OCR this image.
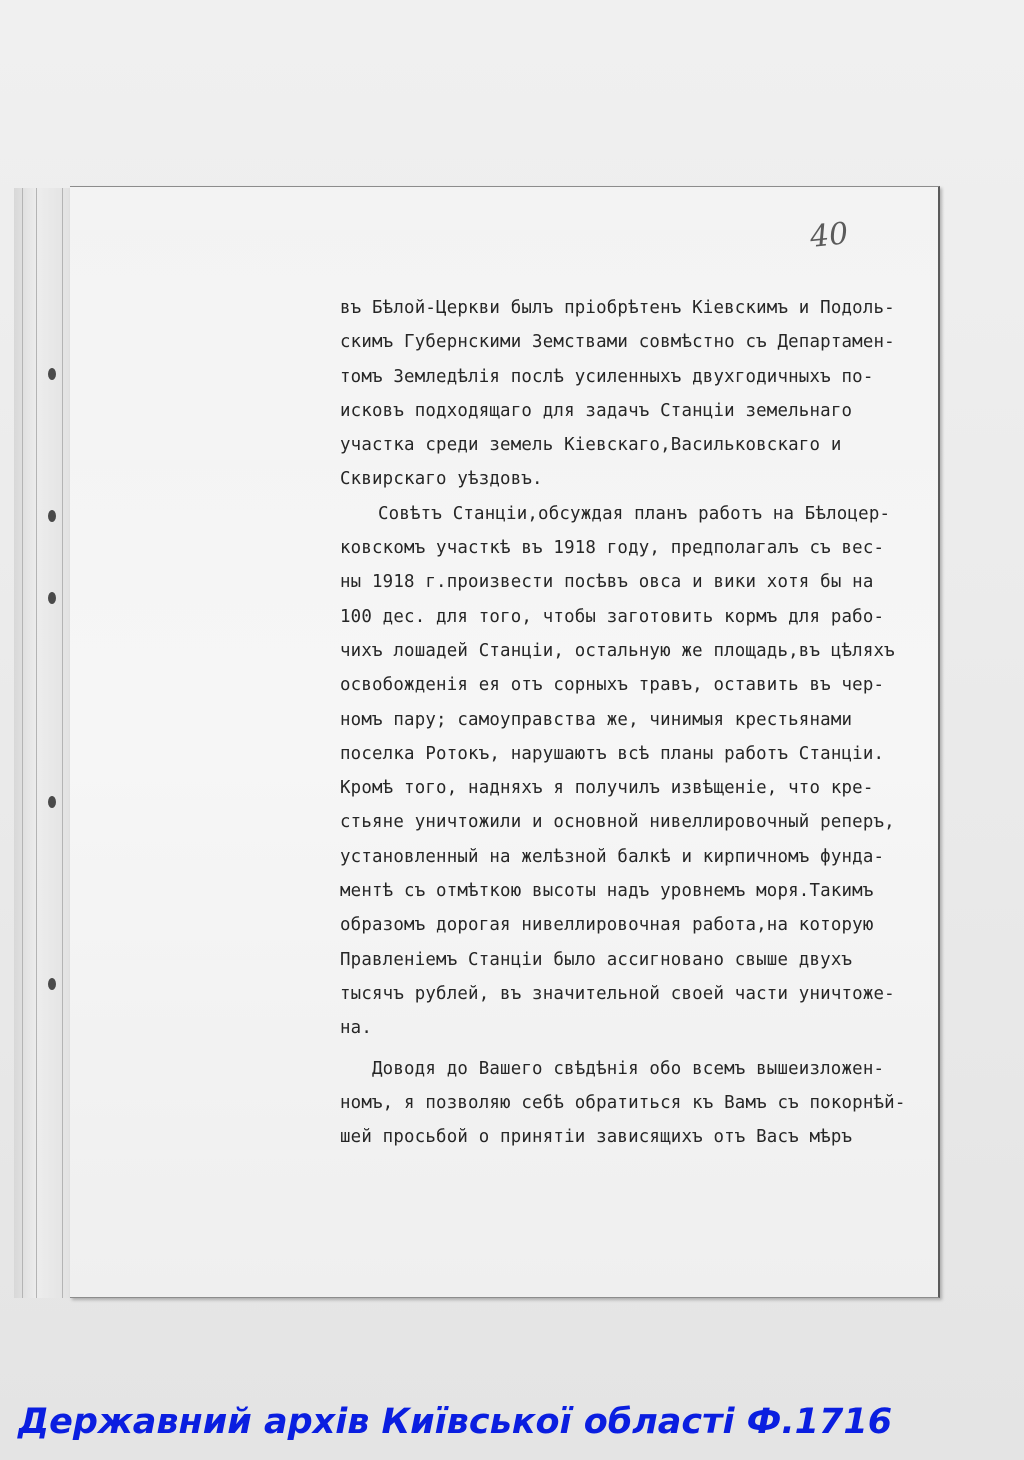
40
въ Бѣлой-Церкви былъ пріобрѣтенъ Кіевскимъ и Подоль-
скимъ Губернскими Земствами совмѣстно съ Департамен-
томъ Земледѣлія послѣ усиленныхъ двухгодичныхъ по-
исковъ подходящаго для задачъ Станціи земельнаго
участка среди земель Кіевскаго,Васильковскаго и
Сквирскаго уѣздовъ.
Совѣтъ Станціи,обсуждая планъ работъ на Бѣлоцер-
ковскомъ участкѣ въ 1918 году, предполагалъ съ вес-
ны 1918 г.произвести посѣвъ овса и вики хотя бы на
100 дес. для того, чтобы заготовить кормъ для рабо-
чихъ лошадей Станціи, остальную же площадь,въ цѣляхъ
освобожденія ея отъ сорныхъ травъ, оставить въ чер-
номъ пару; самоуправства же, чинимыя крестьянами
поселка Ротокъ, нарушаютъ всѣ планы работъ Станціи.
Кромѣ того, надняхъ я получилъ извѣщеніе, что кре-
стьяне уничтожили и основной нивеллировочный реперъ,
установленный на желѣзной балкѣ и кирпичномъ фунда-
ментѣ съ отмѣткою высоты надъ уровнемъ моря.Такимъ
образомъ дорогая нивеллировочная работа,на которую
Правленіемъ Станціи было ассигновано свыше двухъ
тысячъ рублей, въ значительной своей части уничтоже-
на.
Доводя до Вашего свѣдѣнія обо всемъ вышеизложен-
номъ, я позволяю себѣ обратиться къ Вамъ съ покорнѣй-
шей просьбой о принятіи зависящихъ отъ Васъ мѣръ
Державний архів Київської області Ф.1716
